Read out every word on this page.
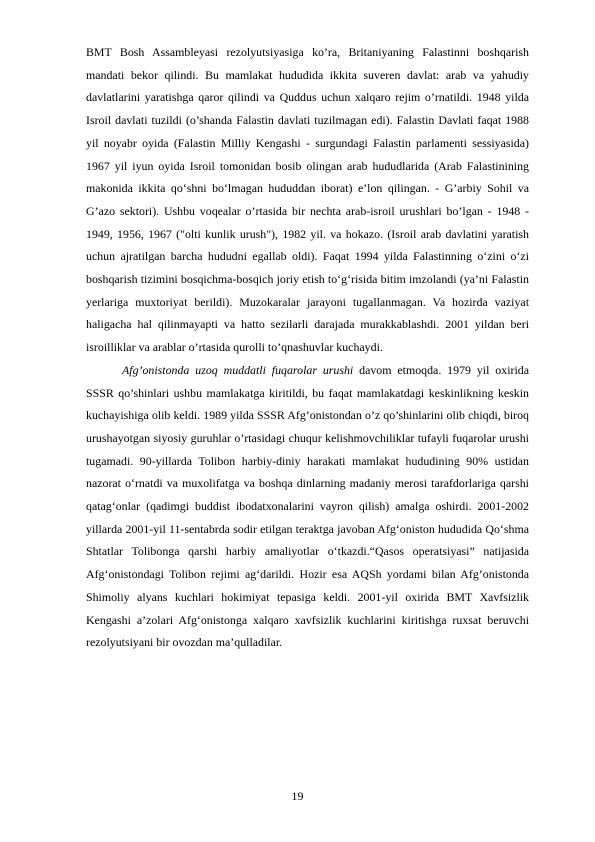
BMT Bosh Assambleyasi rezolyutsiyasiga ko’ra, Britaniyaning Falastinni boshqarish mandati bekor qilindi. Bu mamlakat hududida ikkita suveren davlat: arab va yahudiy davlatlarini yaratishga qaror qilindi va Quddus uchun xalqaro rejim o’rnatildi. 1948 yilda Isroil davlati tuzildi (o’shanda Falastin davlati tuzilmagan edi). Falastin Davlati faqat 1988 yil noyabr oyida (Falastin Milliy Kengashi - surgundagi Falastin parlamenti sessiyasida) 1967 yil iyun oyida Isroil tomonidan bosib olingan arab hududlarida (Arab Falastinining makonida ikkita qo‘shni bo‘lmagan hududdan iborat) e’lon qilingan. - G’arbiy Sohil va G’azo sektori). Ushbu voqealar o’rtasida bir nechta arab-isroil urushlari bo’lgan - 1948 - 1949, 1956, 1967 ("olti kunlik urush"), 1982 yil. va hokazo. (Isroil arab davlatini yaratish uchun ajratilgan barcha hududni egallab oldi). Faqat 1994 yilda Falastinning o‘zini o‘zi boshqarish tizimini bosqichma-bosqich joriy etish to‘g‘risida bitim imzolandi (ya’ni Falastin yerlariga muxtoriyat berildi). Muzokaralar jarayoni tugallanmagan. Va hozirda vaziyat haligacha hal qilinmayapti va hatto sezilarli darajada murakkablashdi. 2001 yildan beri isroilliklar va arablar o’rtasida qurolli to’qnashuvlar kuchaydi.

Afg’onistonda uzoq muddatli fuqarolar urushi davom etmoqda. 1979 yil oxirida SSSR qo’shinlari ushbu mamlakatga kiritildi, bu faqat mamlakatdagi keskinlikning keskin kuchayishiga olib keldi. 1989 yilda SSSR Afg’onistondan o’z qo’shinlarini olib chiqdi, biroq urushayotgan siyosiy guruhlar o’rtasidagi chuqur kelishmovchiliklar tufayli fuqarolar urushi tugamadi. 90-yillarda Tolibon harbiy-diniy harakati mamlakat hududining 90% ustidan nazorat o‘rnatdi va muxolifatga va boshqa dinlarning madaniy merosi tarafdorlariga qarshi qatag‘onlar (qadimgi buddist ibodatxonalarini vayron qilish) amalga oshirdi. 2001-2002 yillarda 2001-yil 11-sentabrda sodir etilgan teraktga javoban Afg‘oniston hududida Qo‘shma Shtatlar Tolibonga qarshi harbiy amaliyotlar o‘tkazdi.“Qasos operatsiyasi” natijasida Afg‘onistondagi Tolibon rejimi ag‘darildi. Hozir esa AQSh yordami bilan Afg’onistonda Shimoliy alyans kuchlari hokimiyat tepasiga keldi. 2001-yil oxirida BMT Xavfsizlik Kengashi a’zolari Afg‘onistonga xalqaro xavfsizlik kuchlarini kiritishga ruxsat beruvchi rezolyutsiyani bir ovozdan ma’qulladilar.

19
